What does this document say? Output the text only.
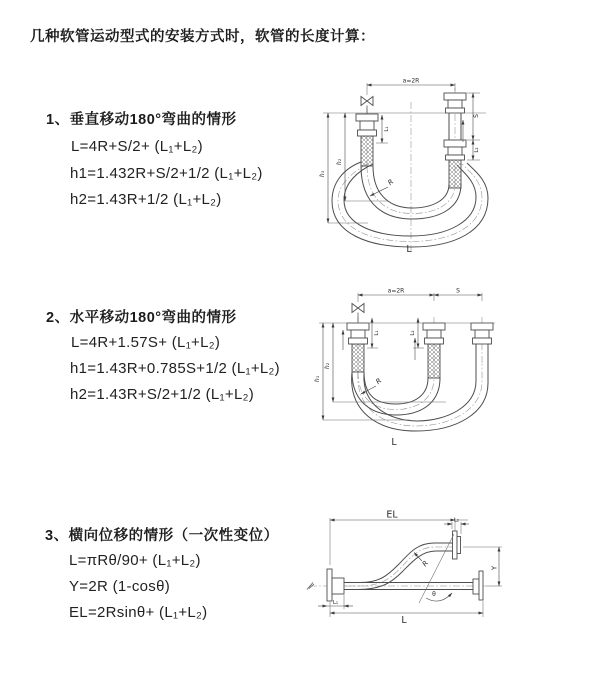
几种软管运动型式的安装方式时，软管的长度计算：
1、垂直移动180°弯曲的情形
L=4R+S/2+ (L₁+L₂)
h1=1.432R+S/2+1/2 (L₁+L₂)
h2=1.43R+1/2 (L₁+L₂)
2、水平移动180°弯曲的情形
L=4R+1.57S+ (L₁+L₂)
h1=1.43R+0.785S+1/2 (L₁+L₂)
h2=1.43R+S/2+1/2 (L₁+L₂)
3、横向位移的情形（一次性变位）
L=πRθ/90+ (L₁+L₂)
Y=2R (1-cosθ)
EL=2Rsinθ+ (L₁+L₂)
a=2R
h₁
h₂
L₁
S
L₂
R
L
a=2R	S
h₁
h₂
L₁	L₂
R
L
θ
EL	L₂
Y
L
L₁
R
